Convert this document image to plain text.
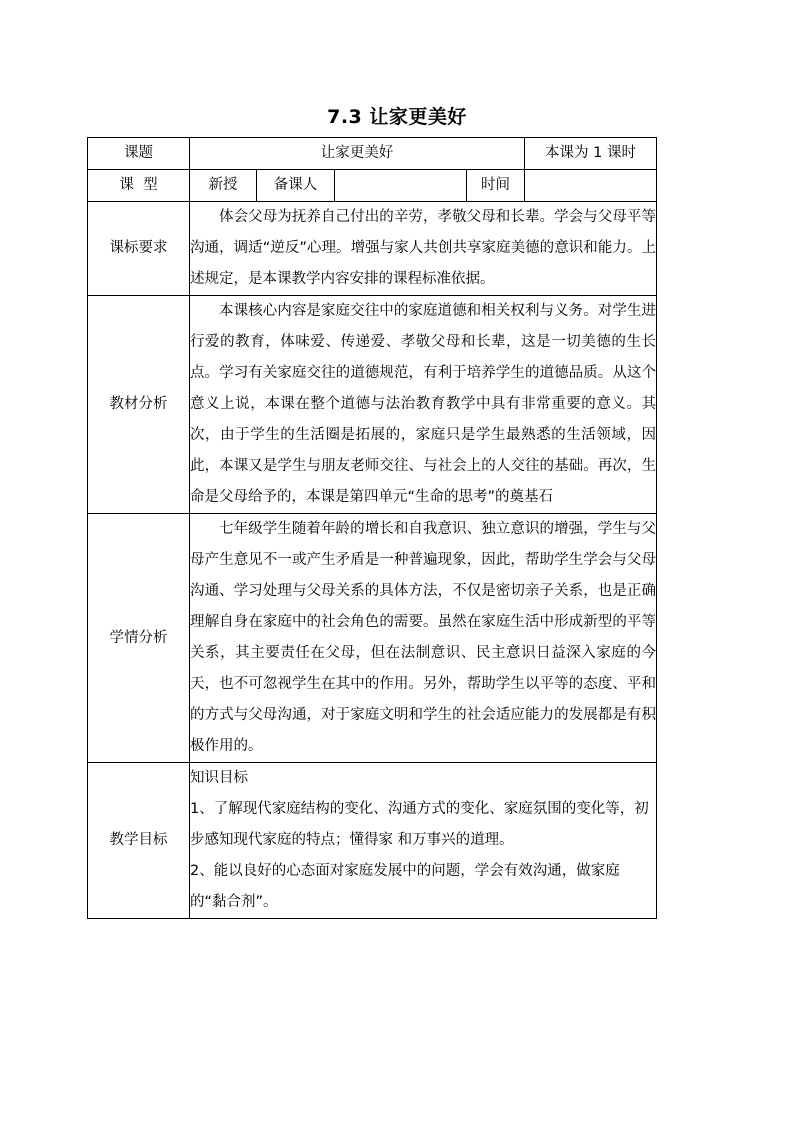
7.3 让家更美好
课题	让家更美好				本课为 1 课时
课  型	新授	备课人		时间	
课标要求	体会父母为抚养自己付出的辛劳，孝敬父母和长辈。学会与父母平等沟通，调适“逆反”心理。增强与家人共创共享家庭美德的意识和能力。上述规定，是本课教学内容安排的课程标准依据。				

教材分析	本课核心内容是家庭交往中的家庭道德和相关权利与义务。对学生进行爱的教育，体味爱、传递爱、孝敬父母和长辈，这是一切美德的生长点。学习有关家庭交往的道德规范，有利于培养学生的道德品质。从这个意义上说，本课在整个道德与法治教育教学中具有非常重要的意义。其次，由于学生的生活圈是拓展的，家庭只是学生最熟悉的生活领域，因此，本课又是学生与朋友老师交往、与社会上的人交往的基础。再次，生命是父母给予的，本课是第四单元“生命的思考”的奠基石				

学情分析	七年级学生随着年龄的增长和自我意识、独立意识的增强，学生与父母产生意见不一或产生矛盾是一种普遍现象，因此，帮助学生学会与父母沟通、学习处理与父母关系的具体方法，不仅是密切亲子关系，也是正确理解自身在家庭中的社会角色的需要。虽然在家庭生活中形成新型的平等关系，其主要责任在父母，但在法制意识、民主意识日益深入家庭的今天，也不可忽视学生在其中的作用。另外，帮助学生以平等的态度、平和的方式与父母沟通，对于家庭文明和学生的社会适应能力的发展都是有积极作用的。				

教学目标	知识目标

1、了解现代家庭结构的变化、沟通方式的变化、家庭氛围的变化等，初步感知现代家庭的特点；懂得家 和万事兴的道理。

2、能以良好的心态面对家庭发展中的问题，学会有效沟通，做家庭的“黏合剂”。				
